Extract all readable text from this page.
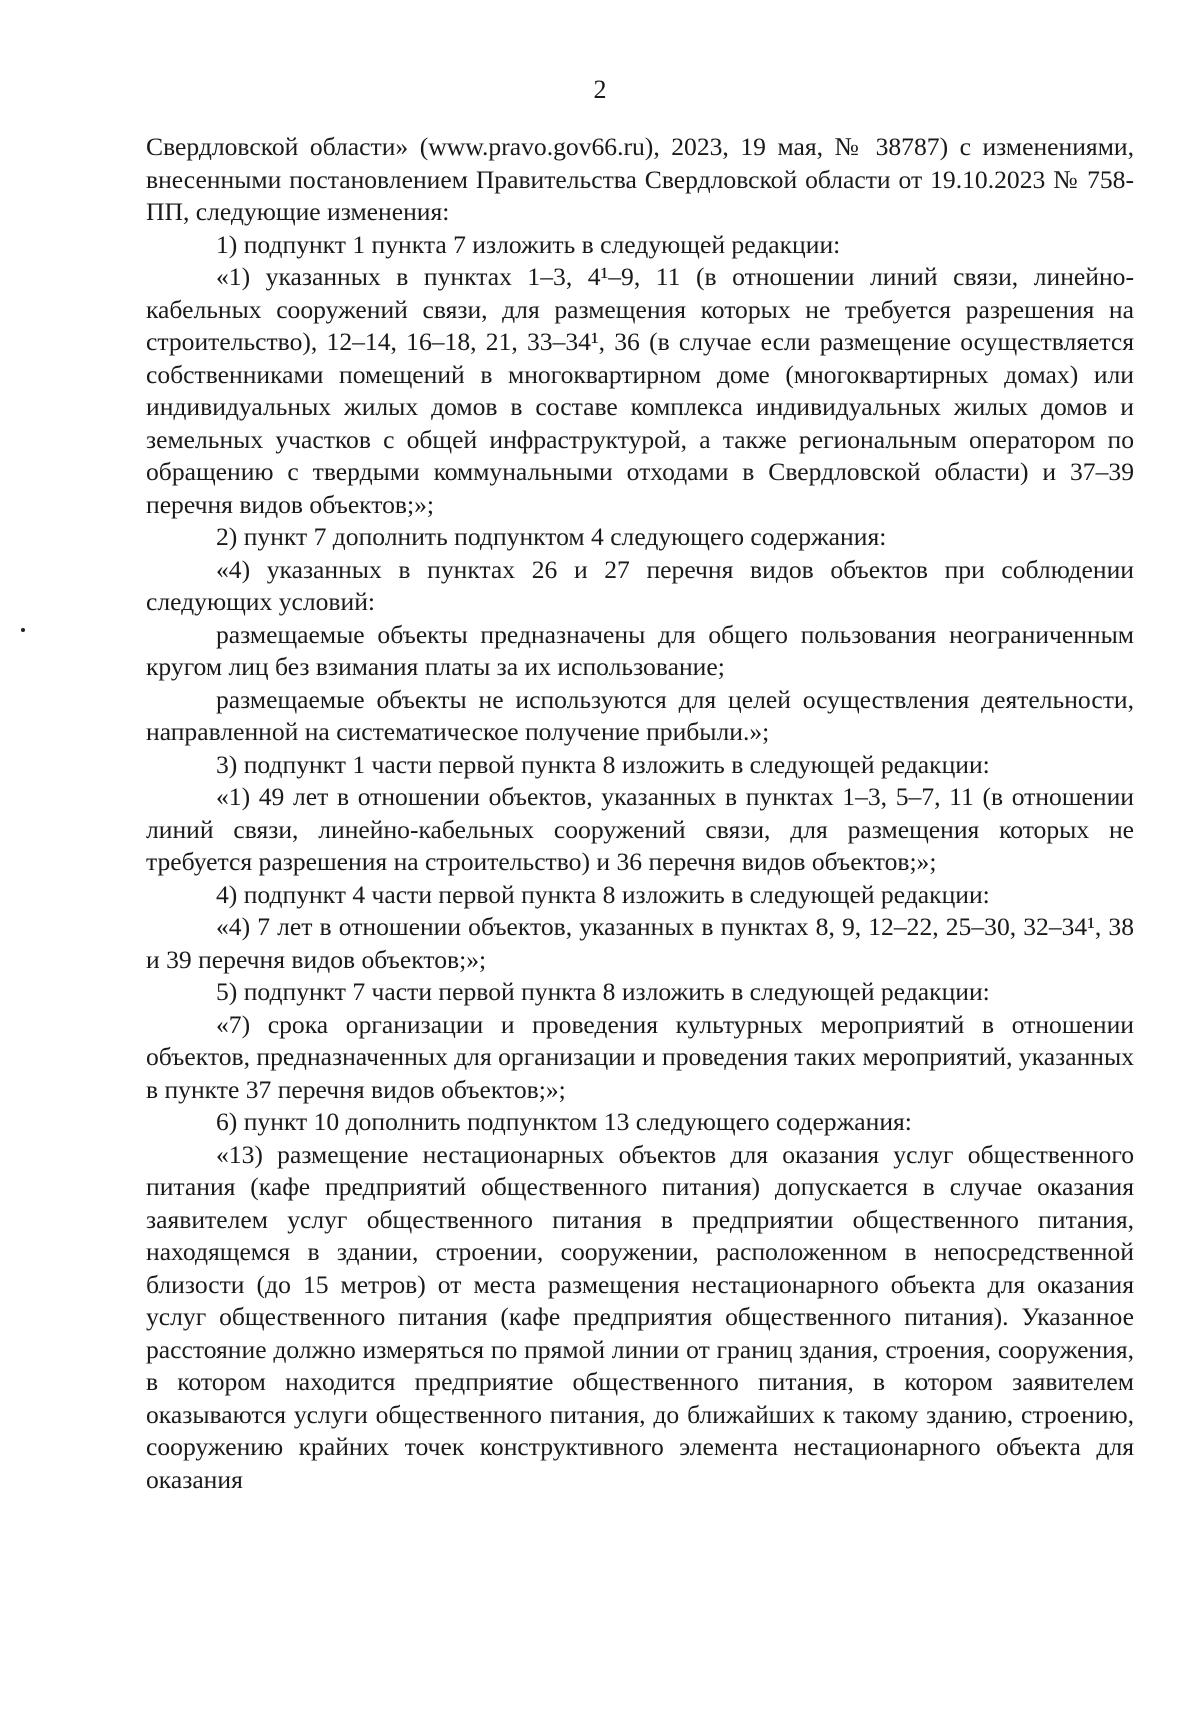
2

Свердловской области» (www.pravo.gov66.ru), 2023, 19 мая, № 38787) с изменениями, внесенными постановлением Правительства Свердловской области от 19.10.2023 № 758-ПП, следующие изменения:

1) подпункт 1 пункта 7 изложить в следующей редакции:

«1) указанных в пунктах 1–3, 4¹–9, 11 (в отношении линий связи, линейно-кабельных сооружений связи, для размещения которых не требуется разрешения на строительство), 12–14, 16–18, 21, 33–34¹, 36 (в случае если размещение осуществляется собственниками помещений в многоквартирном доме (многоквартирных домах) или индивидуальных жилых домов в составе комплекса индивидуальных жилых домов и земельных участков с общей инфраструктурой, а также региональным оператором по обращению с твердыми коммунальными отходами в Свердловской области) и 37–39 перечня видов объектов;»;

2) пункт 7 дополнить подпунктом 4 следующего содержания:

«4) указанных в пунктах 26 и 27 перечня видов объектов при соблюдении следующих условий:

размещаемые объекты предназначены для общего пользования неограниченным кругом лиц без взимания платы за их использование;

размещаемые объекты не используются для целей осуществления деятельности, направленной на систематическое получение прибыли.»;

3) подпункт 1 части первой пункта 8 изложить в следующей редакции:

«1) 49 лет в отношении объектов, указанных в пунктах 1–3, 5–7, 11 (в отношении линий связи, линейно-кабельных сооружений связи, для размещения которых не требуется разрешения на строительство) и 36 перечня видов объектов;»;

4) подпункт 4 части первой пункта 8 изложить в следующей редакции:

«4) 7 лет в отношении объектов, указанных в пунктах 8, 9, 12–22, 25–30, 32–34¹, 38 и 39 перечня видов объектов;»;

5) подпункт 7 части первой пункта 8 изложить в следующей редакции:

«7) срока организации и проведения культурных мероприятий в отношении объектов, предназначенных для организации и проведения таких мероприятий, указанных в пункте 37 перечня видов объектов;»;

6) пункт 10 дополнить подпунктом 13 следующего содержания:

«13) размещение нестационарных объектов для оказания услуг общественного питания (кафе предприятий общественного питания) допускается в случае оказания заявителем услуг общественного питания в предприятии общественного питания, находящемся в здании, строении, сооружении, расположенном в непосредственной близости (до 15 метров) от места размещения нестационарного объекта для оказания услуг общественного питания (кафе предприятия общественного питания). Указанное расстояние должно измеряться по прямой линии от границ здания, строения, сооружения, в котором находится предприятие общественного питания, в котором заявителем оказываются услуги общественного питания, до ближайших к такому зданию, строению, сооружению крайних точек конструктивного элемента нестационарного объекта для оказания
